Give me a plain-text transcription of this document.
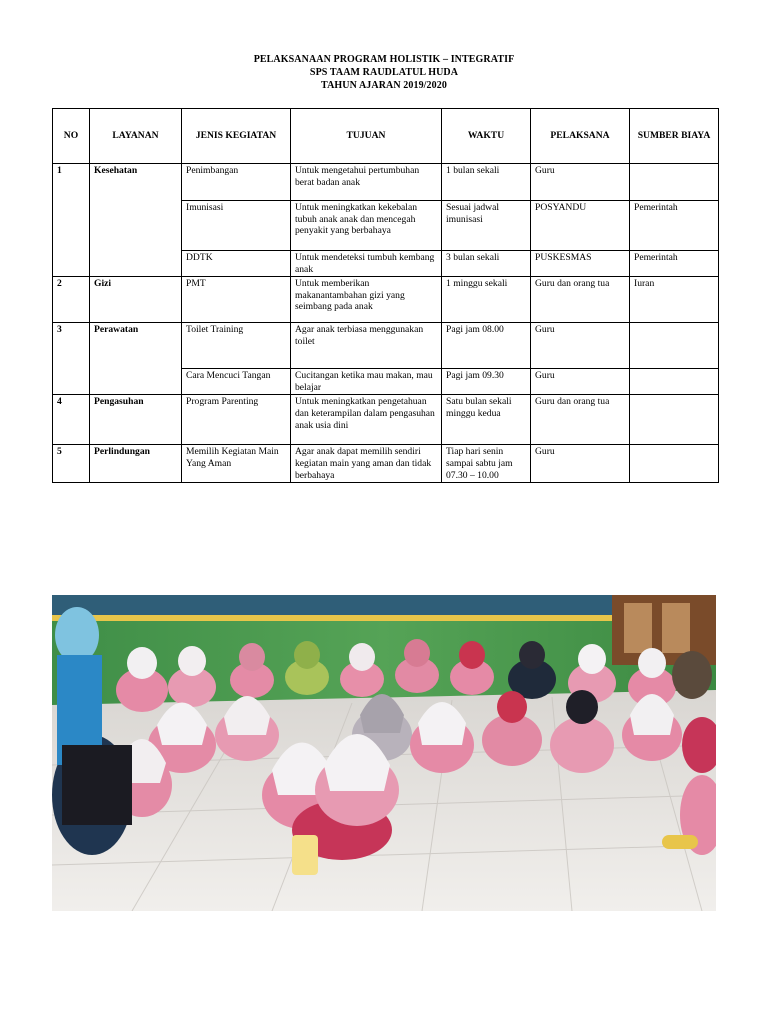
PELAKSANAAN PROGRAM HOLISTIK – INTEGRATIF
SPS TAAM RAUDLATUL HUDA
TAHUN AJARAN 2019/2020
NO	LAYANAN	JENIS KEGIATAN	TUJUAN	WAKTU	PELAKSANA	SUMBER BIAYA
1	Kesehatan	Penimbangan	Untuk mengetahui pertumbuhan berat badan anak	1 bulan sekali	Guru	
		Imunisasi	Untuk meningkatkan kekebalan tubuh anak anak dan mencegah penyakit yang berbahaya	Sesuai jadwal imunisasi	POSYANDU	Pemerintah
		DDTK	Untuk mendeteksi tumbuh kembang anak	3 bulan sekali	PUSKESMAS	Pemerintah
2	Gizi	PMT	Untuk memberikan makanantambahan gizi yang seimbang pada anak	1 minggu sekali	Guru dan orang tua	Iuran
3	Perawatan	Toilet Training	Agar anak terbiasa menggunakan toilet	Pagi jam 08.00	Guru	
		Cara Mencuci Tangan	Cucitangan ketika mau makan, mau belajar	Pagi jam 09.30	Guru	
4	Pengasuhan	Program Parenting	Untuk meningkatkan pengetahuan dan keterampilan dalam pengasuhan anak usia dini	Satu bulan sekali minggu kedua	Guru dan orang tua	
5	Perlindungan	Memilih Kegiatan Main Yang Aman	Agar anak dapat memilih sendiri kegiatan main yang aman dan tidak berbahaya	Tiap hari senin sampai sabtu jam 07.30 – 10.00	Guru	
